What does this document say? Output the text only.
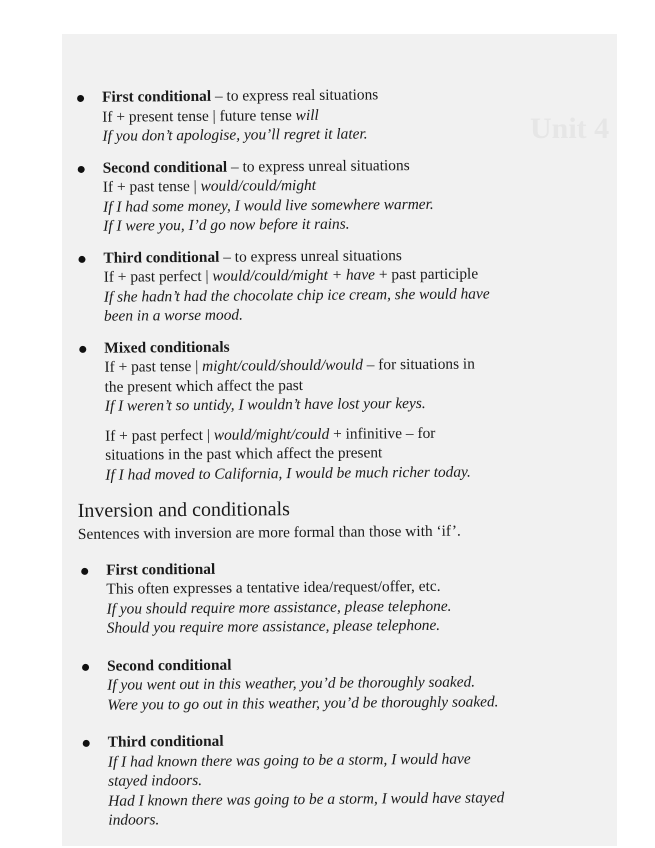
Unit 4
First conditional – to express real situations
If + present tense | future tense will
If you don’t apologise, you’ll regret it later.
Second conditional – to express unreal situations
If + past tense | would/could/might
If I had some money, I would live somewhere warmer.
If I were you, I’d go now before it rains.
Third conditional – to express unreal situations
If + past perfect | would/could/might + have + past participle
If she hadn’t had the chocolate chip ice cream, she would have
been in a worse mood.
Mixed conditionals
If + past tense | might/could/should/would – for situations in
the present which affect the past
If I weren’t so untidy, I wouldn’t have lost your keys.
If + past perfect | would/might/could + infinitive – for
situations in the past which affect the present
If I had moved to California, I would be much richer today.
Inversion and conditionals
Sentences with inversion are more formal than those with ‘if’.
First conditional
This often expresses a tentative idea/request/offer, etc.
If you should require more assistance, please telephone.
Should you require more assistance, please telephone.
Second conditional
If you went out in this weather, you’d be thoroughly soaked.
Were you to go out in this weather, you’d be thoroughly soaked.
Third conditional
If I had known there was going to be a storm, I would have
stayed indoors.
Had I known there was going to be a storm, I would have stayed
indoors.
